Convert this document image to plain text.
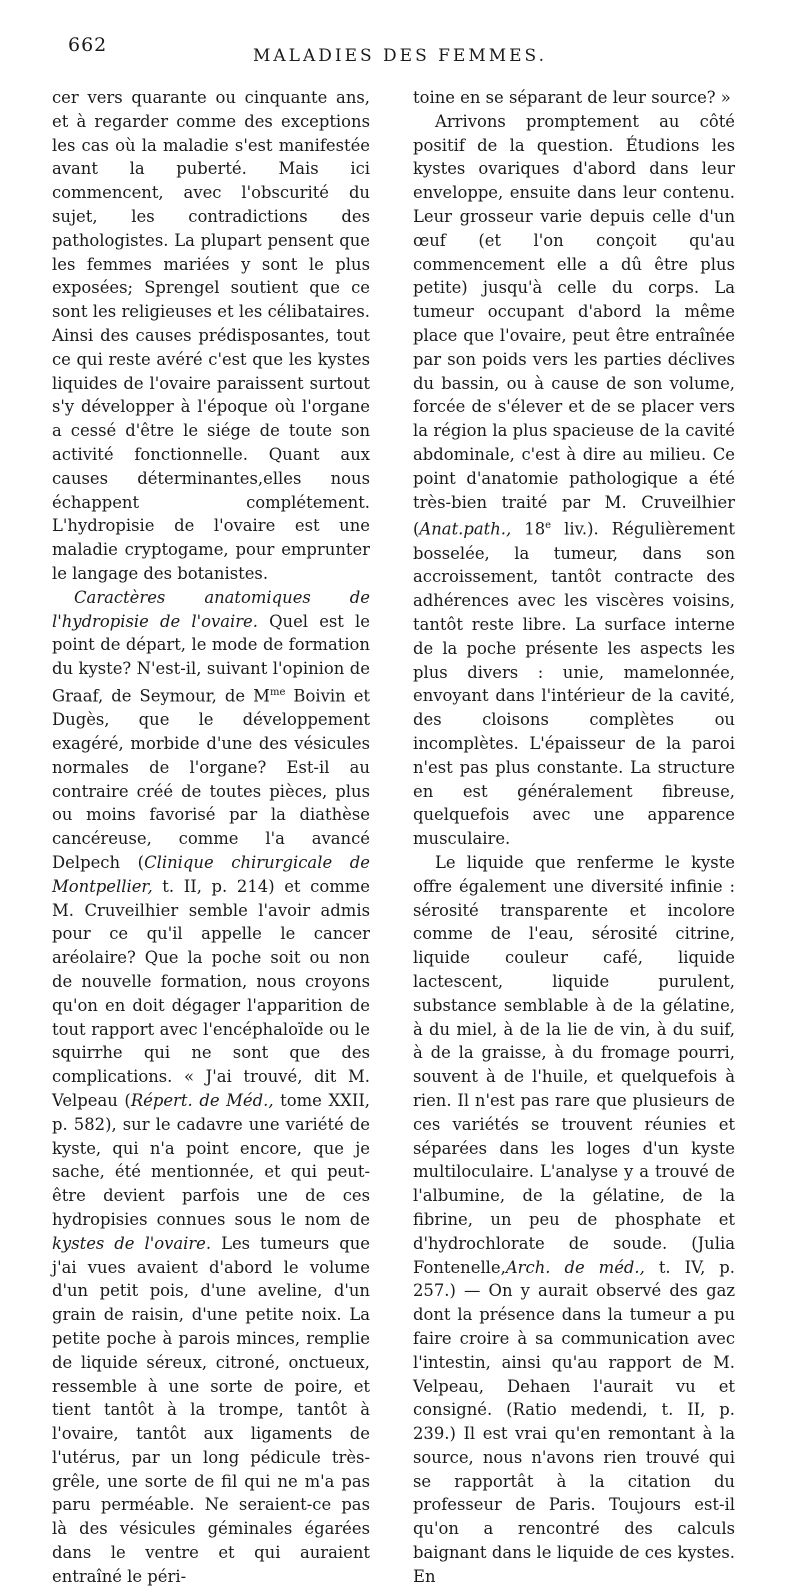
662	MALADIES DES FEMMES.

cer vers quarante ou cinquante ans, et à regarder comme des exceptions les cas où la maladie s'est manifestée avant la puberté. Mais ici commencent, avec l'obscurité du sujet, les contradictions des pathologistes. La plupart pensent que les femmes mariées y sont le plus exposées; Sprengel soutient que ce sont les religieuses et les célibataires. Ainsi des causes prédisposantes, tout ce qui reste avéré c'est que les kystes liquides de l'ovaire paraissent surtout s'y développer à l'époque où l'organe a cessé d'être le siége de toute son activité fonctionnelle. Quant aux causes déterminantes,elles nous échappent complétement. L'hydropisie de l'ovaire est une maladie cryptogame, pour emprunter le langage des botanistes.

Caractères anatomiques de l'hydropisie de l'ovaire. Quel est le point de départ, le mode de formation du kyste? N'est-il, suivant l'opinion de Graaf, de Seymour, de $M^{me}$ Boivin et Dugès, que le développement exagéré, morbide d'une des vésicules normales de l'organe? Est-il au contraire créé de toutes pièces, plus ou moins favorisé par la diathèse cancéreuse, comme l'a avancé Delpech (Clinique chirurgicale de Montpellier, t. II, p. 214) et comme M. Cruveilhier semble l'avoir admis pour ce qu'il appelle le cancer aréolaire? Que la poche soit ou non de nouvelle formation, nous croyons qu'on en doit dégager l'apparition de tout rapport avec l'encéphaloïde ou le squirrhe qui ne sont que des complications. « J'ai trouvé, dit M. Velpeau (Répert. de Méd., tome XXII, p. 582), sur le cadavre une variété de kyste, qui n'a point encore, que je sache, été mentionnée, et qui peut-être devient parfois une de ces hydropisies connues sous le nom de kystes de l'ovaire. Les tumeurs que j'ai vues avaient d'abord le volume d'un petit pois, d'une aveline, d'un grain de raisin, d'une petite noix. La petite poche à parois minces, remplie de liquide séreux, citroné, onctueux, ressemble à une sorte de poire, et tient tantôt à la trompe, tantôt à l'ovaire, tantôt aux ligaments de l'utérus, par un long pédicule très-grêle, une sorte de fil qui ne m'a pas paru perméable. Ne seraient-ce pas là des vésicules géminales égarées dans le ventre et qui auraient entraîné le péri-

toine en se séparant de leur source? »

Arrivons promptement au côté positif de la question. Étudions les kystes ovariques d'abord dans leur enveloppe, ensuite dans leur contenu. Leur grosseur varie depuis celle d'un œuf (et l'on conçoit qu'au commencement elle a dû être plus petite) jusqu'à celle du corps. La tumeur occupant d'abord la même place que l'ovaire, peut être entraînée par son poids vers les parties déclives du bassin, ou à cause de son volume, forcée de s'élever et de se placer vers la région la plus spacieuse de la cavité abdominale, c'est à dire au milieu. Ce point d'anatomie pathologique a été très-bien traité par M. Cruveilhier (Anat.path., 18e liv.). Régulièrement bosselée, la tumeur, dans son accroissement, tantôt contracte des adhérences avec les viscères voisins, tantôt reste libre. La surface interne de la poche présente les aspects les plus divers : unie, mamelonnée, envoyant dans l'intérieur de la cavité, des cloisons complètes ou incomplètes. L'épaisseur de la paroi n'est pas plus constante. La structure en est généralement fibreuse, quelquefois avec une apparence musculaire.

Le liquide que renferme le kyste offre également une diversité infinie : sérosité transparente et incolore comme de l'eau, sérosité citrine, liquide couleur café, liquide lactescent, liquide purulent, substance semblable à de la gélatine, à du miel, à de la lie de vin, à du suif, à de la graisse, à du fromage pourri, souvent à de l'huile, et quelquefois à rien. Il n'est pas rare que plusieurs de ces variétés se trouvent réunies et séparées dans les loges d'un kyste multiloculaire. L'analyse y a trouvé de l'albumine, de la gélatine, de la fibrine, un peu de phosphate et d'hydrochlorate de soude. (Julia Fontenelle,Arch. de méd., t. IV, p. 257.) — On y aurait observé des gaz dont la présence dans la tumeur a pu faire croire à sa communication avec l'intestin, ainsi qu'au rapport de M. Velpeau, Dehaen l'aurait vu et consigné. (Ratio medendi, t. II, p. 239.) Il est vrai qu'en remontant à la source, nous n'avons rien trouvé qui se rapportât à la citation du professeur de Paris. Toujours est-il qu'on a rencontré des calculs baignant dans le liquide de ces kystes. En
